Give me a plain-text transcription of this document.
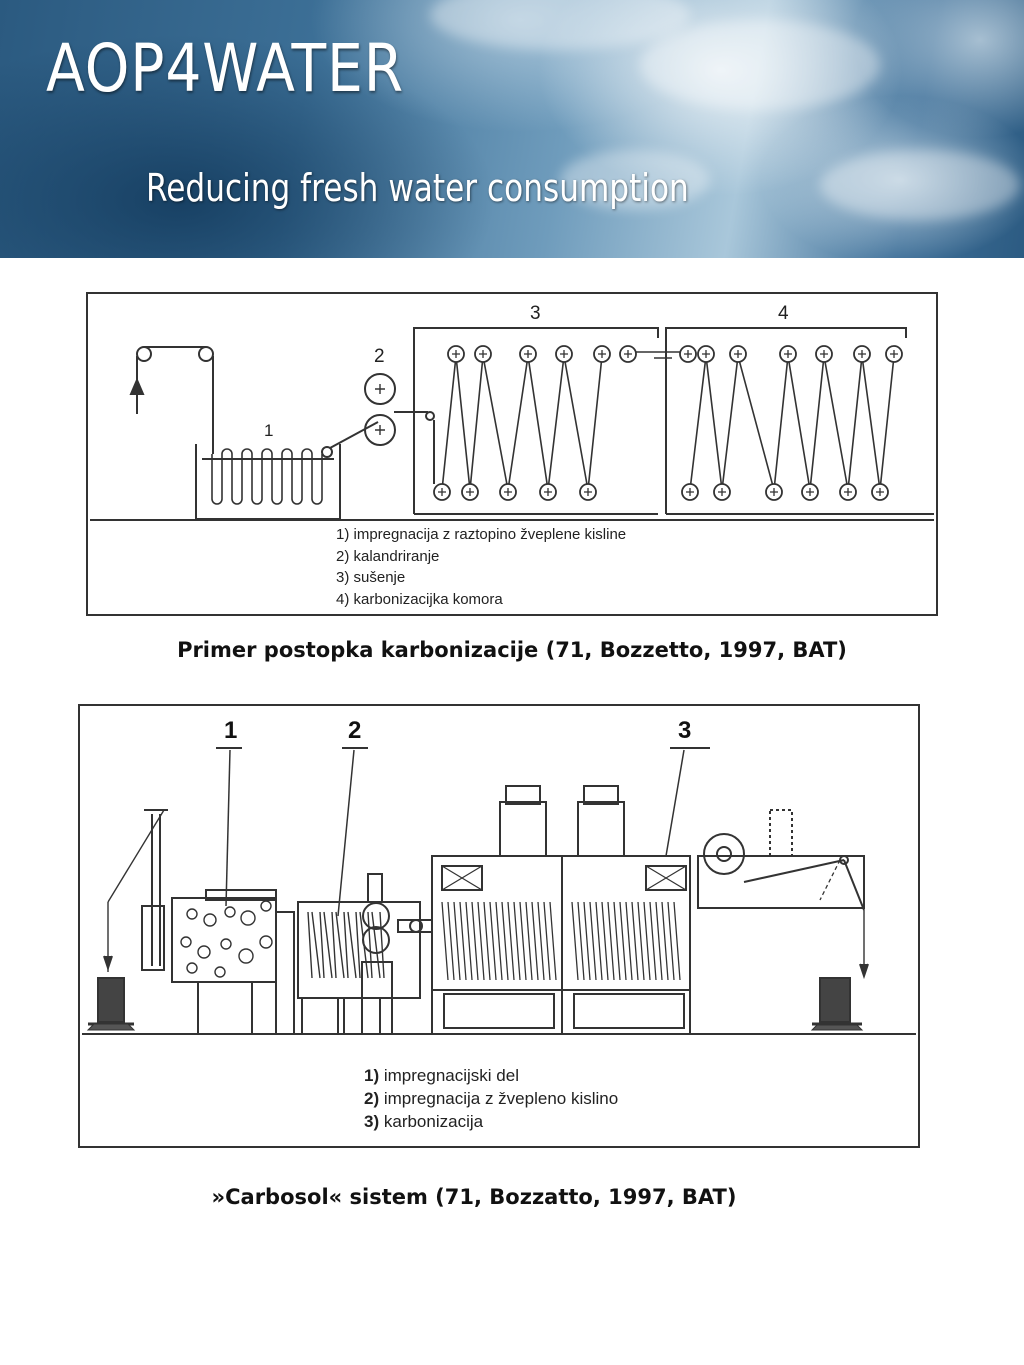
AOP4WATER
Reducing fresh water consumption
1
2
3	4
1) impregnacija z raztopino žveplene kisline
2) kalandriranje
3) sušenje
4) karbonizacijka komora
Primer postopka karbonizacije (71, Bozzetto, 1997, BAT)
1	2	3
1) impregnacijski del
2) impregnacija z žvepleno kislino
3) karbonizacija
»Carbosol« sistem (71, Bozzatto, 1997, BAT)
